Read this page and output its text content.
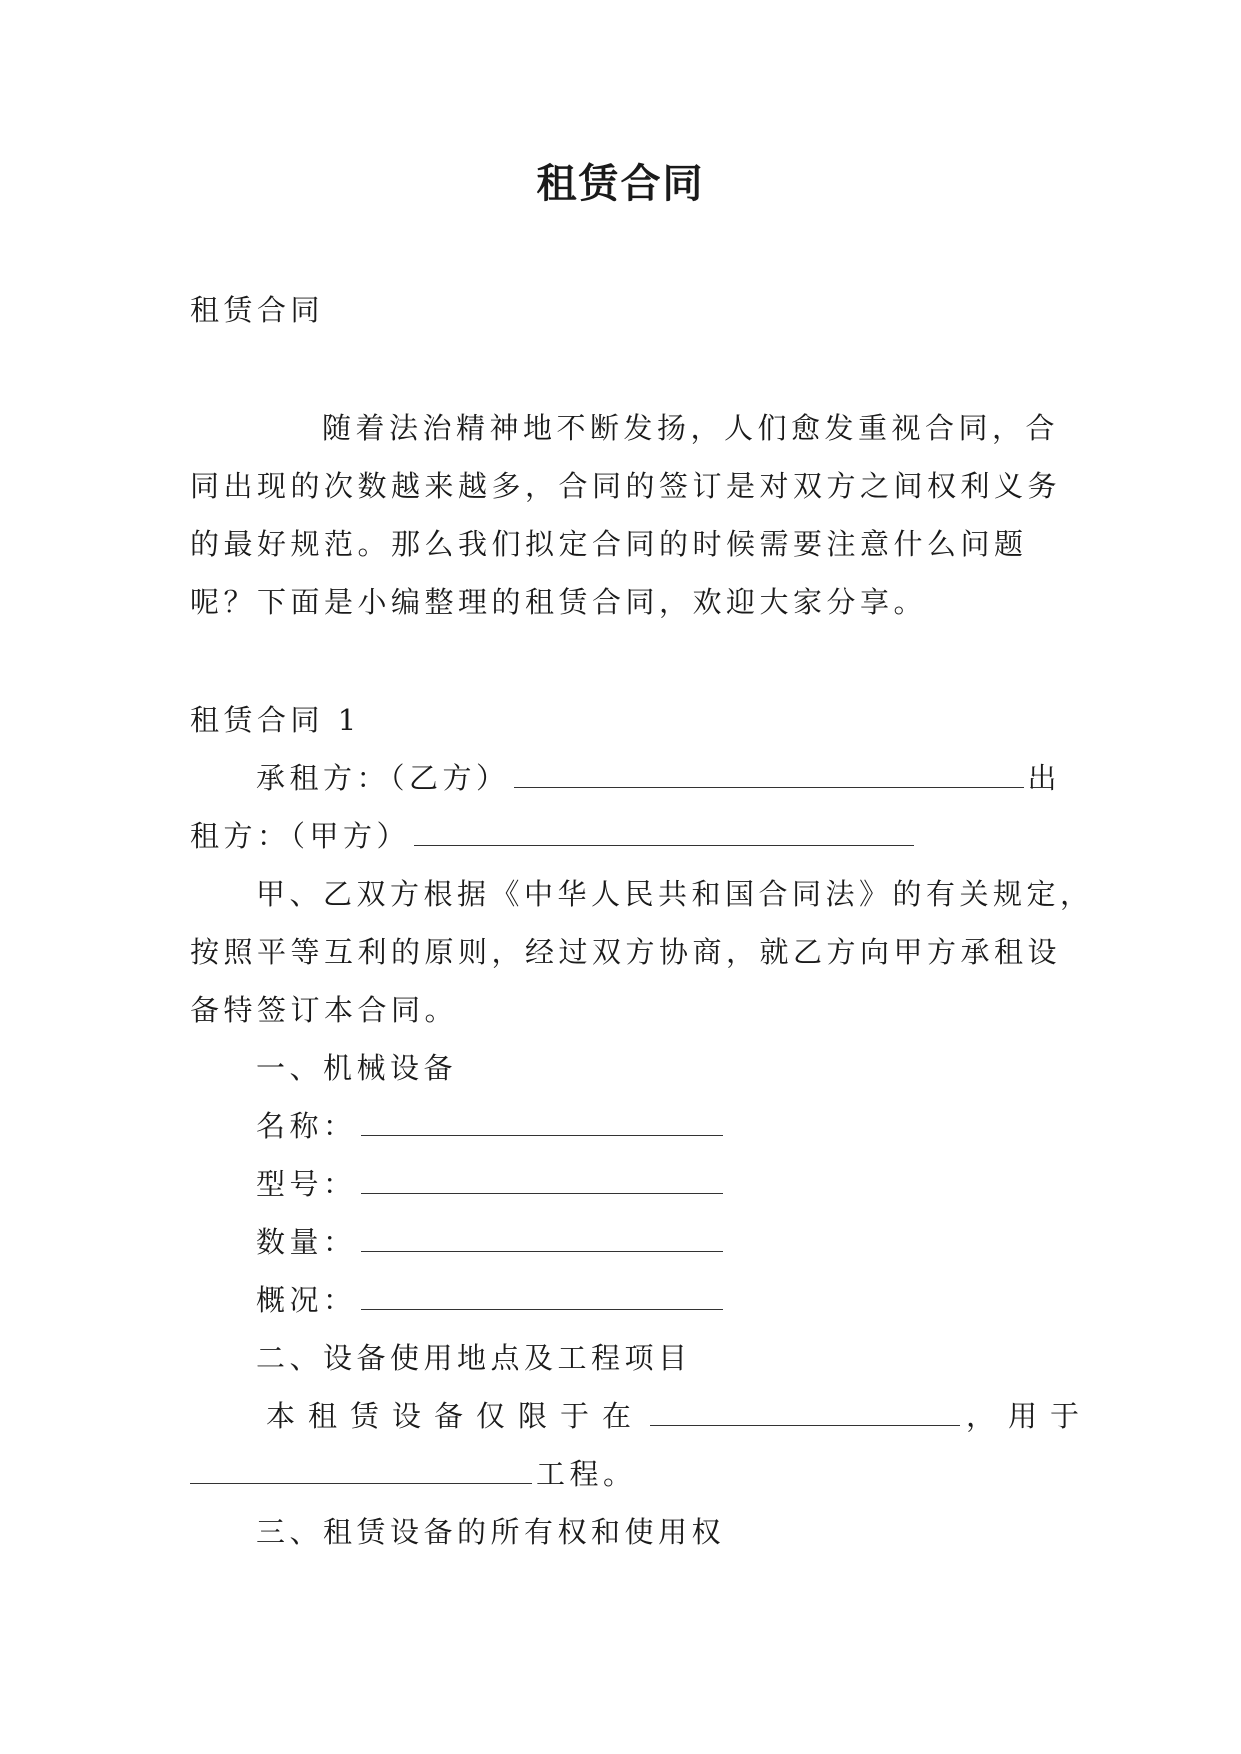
租赁合同
租赁合同
随着法治精神地不断发扬，人们愈发重视合同，合
同出现的次数越来越多，合同的签订是对双方之间权利义务
的最好规范。那么我们拟定合同的时候需要注意什么问题
呢？下面是小编整理的租赁合同，欢迎大家分享。
租赁合同 1
承租方：（乙方）	出
租方：（甲方）
甲、乙双方根据《中华人民共和国合同法》的有关规定，
按照平等互利的原则，经过双方协商，就乙方向甲方承租设
备特签订本合同。
一、机械设备
名称：
型号：
数量：
概况：
二、设备使用地点及工程项目
本租赁设备仅限于在	，用于
工程。
三、租赁设备的所有权和使用权
